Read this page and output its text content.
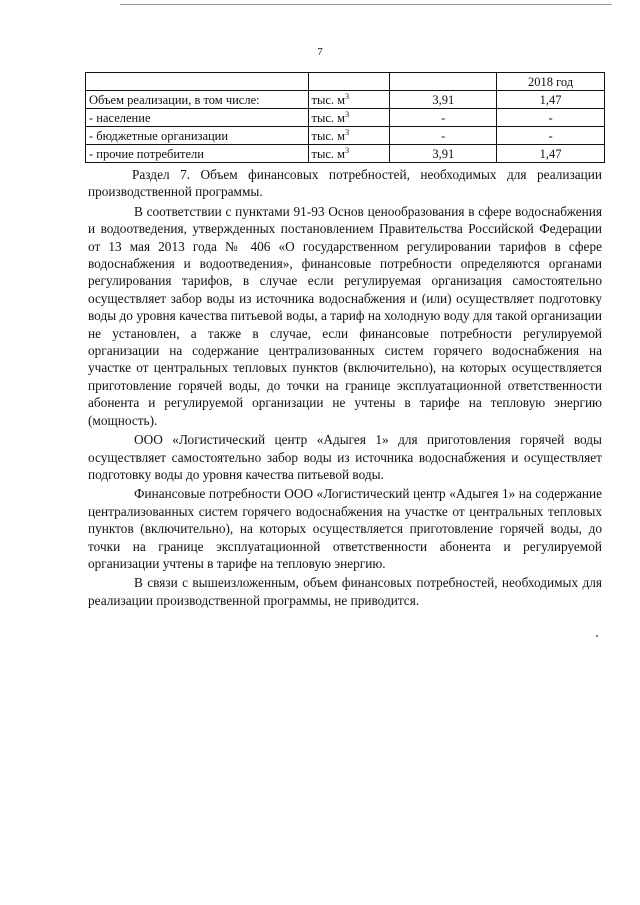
7
			2018 год
Объем реализации, в том числе:	тыс. $м^3$	3,91	1,47
- население	тыс. $м^3$	-	-
- бюджетные организации	тыс. $м^3$	-	-
- прочие потребители	тыс. $м^3$	3,91	1,47

Раздел 7. Объем финансовых потребностей, необходимых для реализации производственной программы.

В соответствии с пунктами 91-93 Основ ценообразования в сфере водоснабжения и водоотведения, утвержденных постановлением Правительства Российской Федерации от 13 мая 2013 года № 406 «О государственном регулировании тарифов в сфере водоснабжения и водоотведения», финансовые потребности определяются органами регулирования тарифов, в случае если регулируемая организация самостоятельно осуществляет забор воды из источника водоснабжения и (или) осуществляет подготовку воды до уровня качества питьевой воды, а тариф на холодную воду для такой организации не установлен, а также в случае, если финансовые потребности регулируемой организации на содержание централизованных систем горячего водоснабжения на участке от центральных тепловых пунктов (включительно), на которых осуществляется приготовление горячей воды, до точки на границе эксплуатационной ответственности абонента и регулируемой организации не учтены в тарифе на тепловую энергию (мощность).

ООО «Логистический центр «Адыгея 1» для приготовления горячей воды осуществляет самостоятельно забор воды из источника водоснабжения и осуществляет подготовку воды до уровня качества питьевой воды.

Финансовые потребности ООО «Логистический центр «Адыгея 1» на содержание централизованных систем горячего водоснабжения на участке от центральных тепловых пунктов (включительно), на которых осуществляется приготовление горячей воды, до точки на границе эксплуатационной ответственности абонента и регулируемой организации учтены в тарифе на тепловую энергию.

В связи с вышеизложенным, объем финансовых потребностей, необходимых для реализации производственной программы, не приводится.
